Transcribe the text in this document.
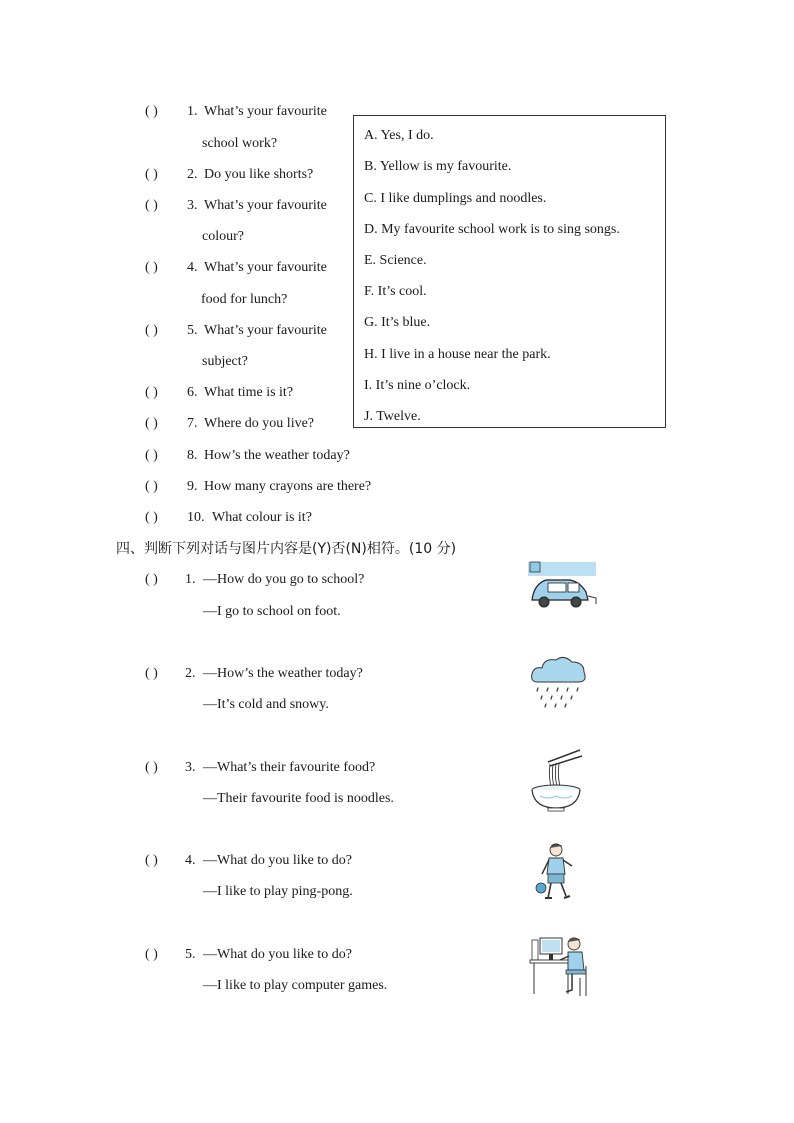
( ) 1. What’s your favourite
school work?
( ) 2. Do you like shorts?
( ) 3. What’s your favourite
colour?
( ) 4. What’s your favourite
food for lunch?
( ) 5. What’s your favourite
subject?
( ) 6. What time is it?
( ) 7. Where do you live?
( ) 8. How’s the weather today?
( ) 9. How many crayons are there?
( ) 10. What colour is it?
A. Yes, I do.
B. Yellow is my favourite.
C. I like dumplings and noodles.
D. My favourite school work is to sing songs.
E. Science.
F. It’s cool.
G. It’s blue.
H. I live in a house near the park.
I. It’s nine o’clock.
J. Twelve.
四、判断下列对话与图片内容是(Y)否(N)相符。(10 分)
( ) 1. —How do you go to school?
—I go to school on foot.
( ) 2. —How’s the weather today?
—It’s cold and snowy.
( ) 3. —What’s their favourite food?
—Their favourite food is noodles.
( ) 4. —What do you like to do?
—I like to play ping-pong.
( ) 5. —What do you like to do?
—I like to play computer games.
